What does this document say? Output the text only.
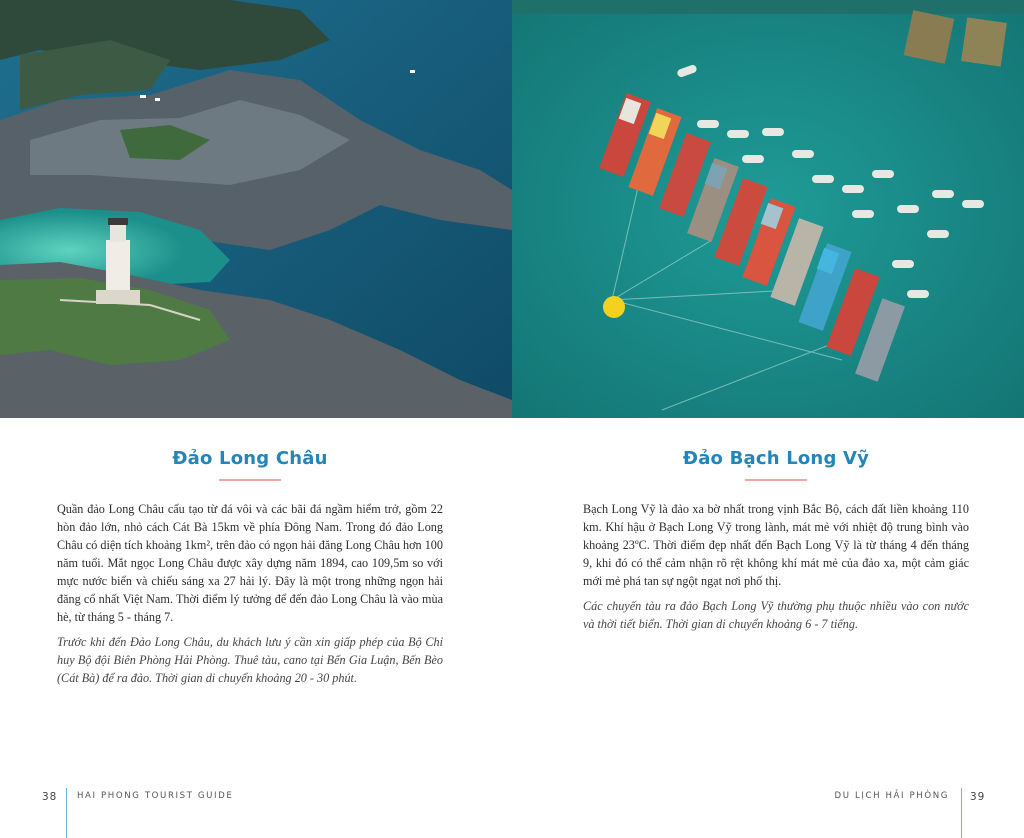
Đảo Long Châu

Quần đảo Long Châu cấu tạo từ đá vôi và các bãi đá ngầm hiểm trở, gồm 22 hòn đảo lớn, nhỏ cách Cát Bà 15km về phía Đông Nam. Trong đó đảo Long Châu có diện tích khoảng 1km², trên đảo có ngọn hải đăng Long Châu hơn 100 năm tuổi. Mắt ngọc Long Châu được xây dựng năm 1894, cao 109,5m so với mực nước biển và chiếu sáng xa 27 hải lý. Đây là một trong những ngọn hải đăng cổ nhất Việt Nam. Thời điểm lý tưởng để đến đảo Long Châu là vào mùa hè, từ tháng 5 - tháng 7.

Trước khi đến Đảo Long Châu, du khách lưu ý cần xin giấp phép của Bộ Chỉ huy Bộ đội Biên Phòng Hải Phòng. Thuê tàu, cano tại Bến Gia Luận, Bến Bèo (Cát Bà) để ra đảo. Thời gian di chuyển khoảng 20 - 30 phút.

Đảo Bạch Long Vỹ

Bạch Long Vỹ là đảo xa bờ nhất trong vịnh Bắc Bộ, cách đất liền khoảng 110 km. Khí hậu ở Bạch Long Vỹ trong lành, mát mẻ với nhiệt độ trung bình vào khoảng 23ºC. Thời điểm đẹp nhất đến Bạch Long Vỹ là từ tháng 4 đến tháng 9, khi đó có thể cảm nhận rõ rệt không khí mát mẻ của đảo xa, một cảm giác mới mẻ phá tan sự ngột ngạt nơi phố thị.

Các chuyến tàu ra đảo Bạch Long Vỹ thường phụ thuộc nhiều vào con nước và thời tiết biển. Thời gian di chuyển khoảng 6 - 7 tiếng.

38 HAI PHONG TOURIST GUIDE	39
DU LỊCH HẢI PHÒNG
